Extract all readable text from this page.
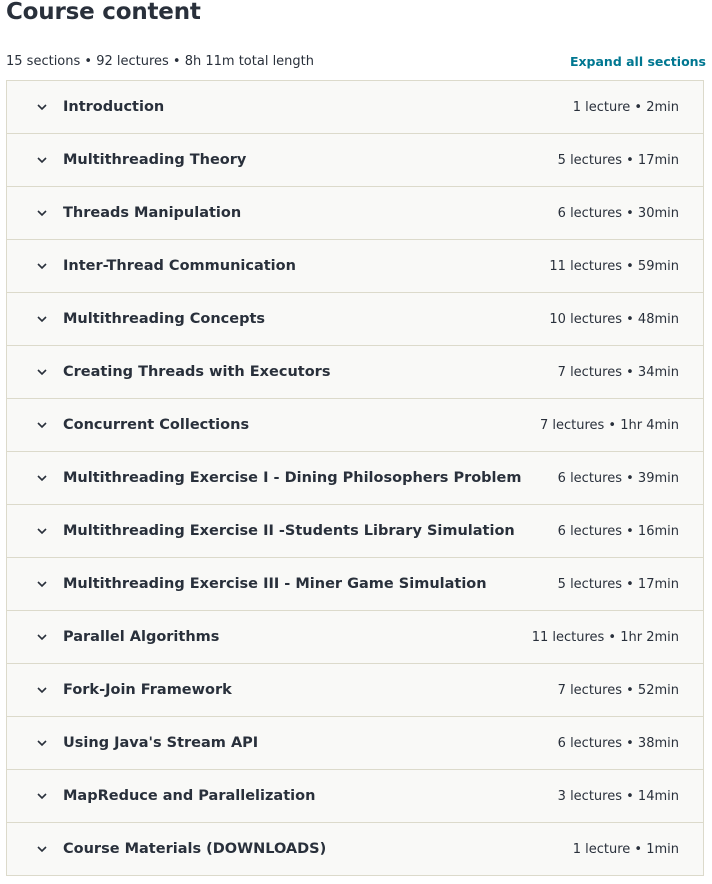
Course content
15 sections • 92 lectures • 8h 11m total length	Expand all sections
Introduction	1 lecture • 2min
Multithreading Theory	5 lectures • 17min
Threads Manipulation	6 lectures • 30min
Inter-Thread Communication	11 lectures • 59min
Multithreading Concepts	10 lectures • 48min
Creating Threads with Executors	7 lectures • 34min
Concurrent Collections	7 lectures • 1hr 4min
Multithreading Exercise I - Dining Philosophers Problem	6 lectures • 39min
Multithreading Exercise II -Students Library Simulation	6 lectures • 16min
Multithreading Exercise III - Miner Game Simulation	5 lectures • 17min
Parallel Algorithms	11 lectures • 1hr 2min
Fork-Join Framework	7 lectures • 52min
Using Java's Stream API	6 lectures • 38min
MapReduce and Parallelization	3 lectures • 14min
Course Materials (DOWNLOADS)	1 lecture • 1min
